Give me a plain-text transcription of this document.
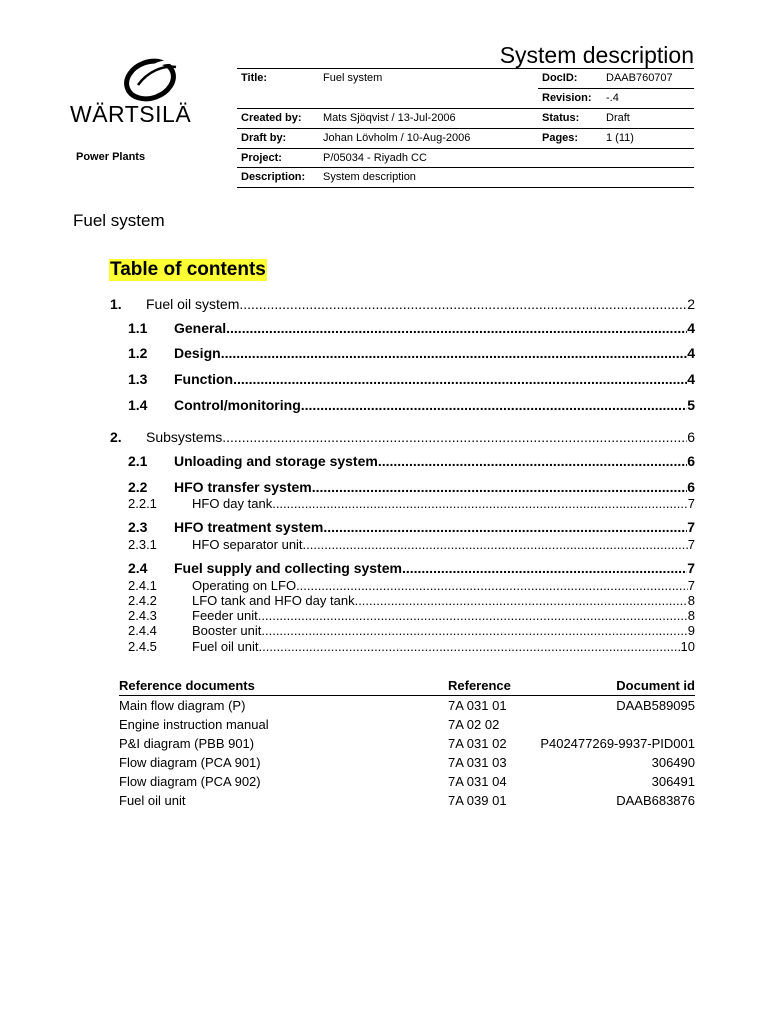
WÄRTSILÄ
Power Plants
System description
Title:	Fuel system	DocID:	DAAB760707
Revision: -.4
Created by: Mats Sjöqvist / 13-Jul-2006	Status: Draft
Draft by:	Johan Lövholm / 10-Aug-2006	Pages:	1 (11)
Project:	P/05034 - Riyadh CC
Description: System description
Fuel system
Table of contents
1.	Fuel oil system .....	2
1.1	General .....	4
1.2	Design .....	4
1.3	Function .....	4
1.4	Control/monitoring .....	5
2.	Subsystems .....	6
2.1	Unloading and storage system .....	6
2.2	HFO transfer system .....	6
2.2.1	HFO day tank .....	7
2.3	HFO treatment system .....	7
2.3.1	HFO separator unit .....	7
2.4	Fuel supply and collecting system .....	7
2.4.1	Operating on LFO .....	7
2.4.2	LFO tank and HFO day tank .....	8
2.4.3	Feeder unit .....	8
2.4.4	Booster unit .....	9
2.4.5	Fuel oil unit .....	10
Reference documents	Reference	Document id
Main flow diagram (P)	7A 031 01	DAAB589095
Engine instruction manual	7A 02 02
P&I diagram (PBB 901)	7A 031 02	P402477269-9937-PID001
Flow diagram (PCA 901)	7A 031 03	306490
Flow diagram (PCA 902)	7A 031 04	306491
Fuel oil unit	7A 039 01	DAAB683876
